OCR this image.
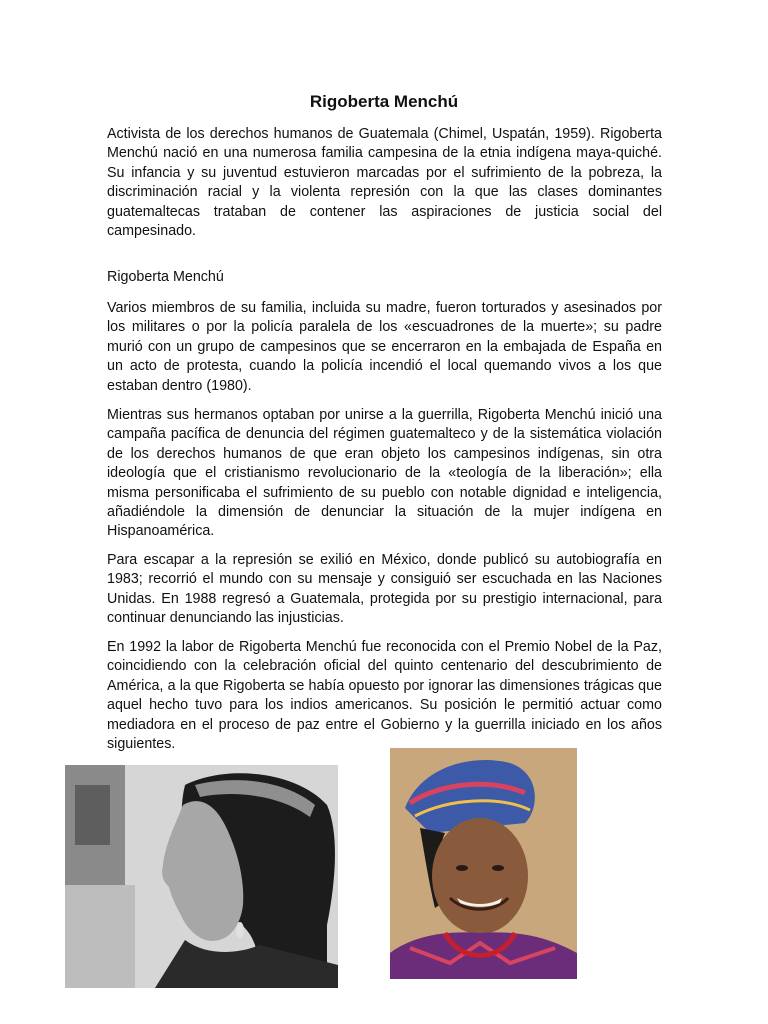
Rigoberta Menchú

Activista de los derechos humanos de Guatemala (Chimel, Uspatán, 1959). Rigoberta Menchú nació en una numerosa familia campesina de la etnia indígena maya-quiché. Su infancia y su juventud estuvieron marcadas por el sufrimiento de la pobreza, la discriminación racial y la violenta represión con la que las clases dominantes guatemaltecas trataban de contener las aspiraciones de justicia social del campesinado.

Rigoberta Menchú

Varios miembros de su familia, incluida su madre, fueron torturados y asesinados por los militares o por la policía paralela de los «escuadrones de la muerte»; su padre murió con un grupo de campesinos que se encerraron en la embajada de España en un acto de protesta, cuando la policía incendió el local quemando vivos a los que estaban dentro (1980).

Mientras sus hermanos optaban por unirse a la guerrilla, Rigoberta Menchú inició una campaña pacífica de denuncia del régimen guatemalteco y de la sistemática violación de los derechos humanos de que eran objeto los campesinos indígenas, sin otra ideología que el cristianismo revolucionario de la «teología de la liberación»; ella misma personificaba el sufrimiento de su pueblo con notable dignidad e inteligencia, añadiéndole la dimensión de denunciar la situación de la mujer indígena en Hispanoamérica.

Para escapar a la represión se exilió en México, donde publicó su autobiografía en 1983; recorrió el mundo con su mensaje y consiguió ser escuchada en las Naciones Unidas. En 1988 regresó a Guatemala, protegida por su prestigio internacional, para continuar denunciando las injusticias.

En 1992 la labor de Rigoberta Menchú fue reconocida con el Premio Nobel de la Paz, coincidiendo con la celebración oficial del quinto centenario del descubrimiento de América, a la que Rigoberta se había opuesto por ignorar las dimensiones trágicas que aquel hecho tuvo para los indios americanos. Su posición le permitió actuar como mediadora en el proceso de paz entre el Gobierno y la guerrilla iniciado en los años siguientes.
